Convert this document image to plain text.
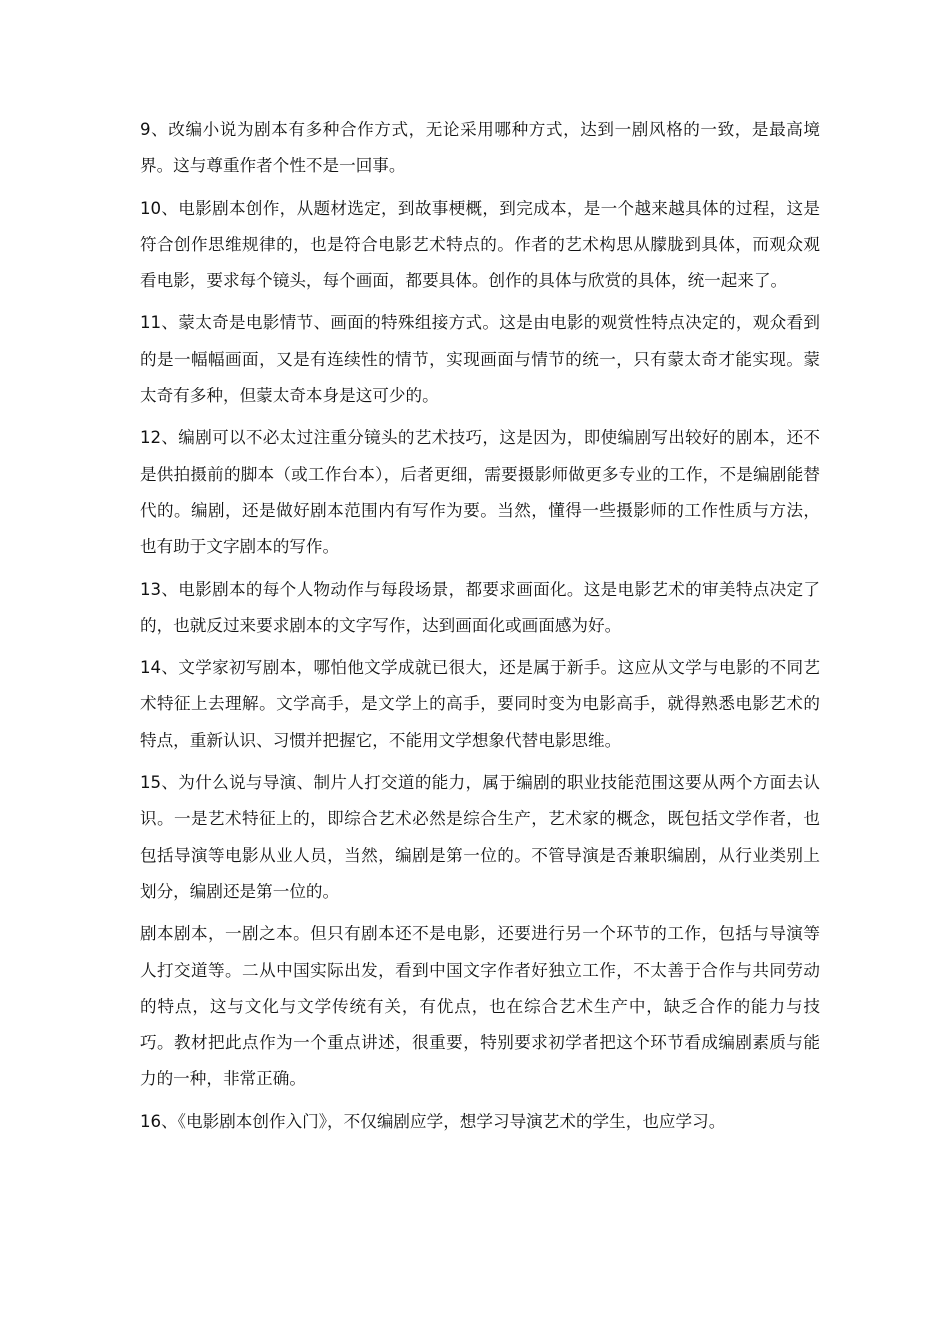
9、改编小说为剧本有多种合作方式，无论采用哪种方式，达到一剧风格的一致，是最高境界。这与尊重作者个性不是一回事。

10、电影剧本创作，从题材选定，到故事梗概，到完成本，是一个越来越具体的过程，这是符合创作思维规律的，也是符合电影艺术特点的。作者的艺术构思从朦胧到具体，而观众观看电影，要求每个镜头，每个画面，都要具体。创作的具体与欣赏的具体，统一起来了。

11、蒙太奇是电影情节、画面的特殊组接方式。这是由电影的观赏性特点决定的，观众看到的是一幅幅画面，又是有连续性的情节，实现画面与情节的统一，只有蒙太奇才能实现。蒙太奇有多种，但蒙太奇本身是这可少的。

12、编剧可以不必太过注重分镜头的艺术技巧，这是因为，即使编剧写出较好的剧本，还不是供拍摄前的脚本（或工作台本），后者更细，需要摄影师做更多专业的工作，不是编剧能替代的。编剧，还是做好剧本范围内有写作为要。当然，懂得一些摄影师的工作性质与方法，也有助于文字剧本的写作。

13、电影剧本的每个人物动作与每段场景，都要求画面化。这是电影艺术的审美特点决定了的，也就反过来要求剧本的文字写作，达到画面化或画面感为好。

14、文学家初写剧本，哪怕他文学成就已很大，还是属于新手。这应从文学与电影的不同艺术特征上去理解。文学高手，是文学上的高手，要同时变为电影高手，就得熟悉电影艺术的特点，重新认识、习惯并把握它，不能用文学想象代替电影思维。

15、为什么说与导演、制片人打交道的能力，属于编剧的职业技能范围这要从两个方面去认识。一是艺术特征上的，即综合艺术必然是综合生产，艺术家的概念，既包括文学作者，也包括导演等电影从业人员，当然，编剧是第一位的。不管导演是否兼职编剧，从行业类别上划分，编剧还是第一位的。

剧本剧本，一剧之本。但只有剧本还不是电影，还要进行另一个环节的工作，包括与导演等人打交道等。二从中国实际出发，看到中国文字作者好独立工作，不太善于合作与共同劳动的特点，这与文化与文学传统有关，有优点，也在综合艺术生产中，缺乏合作的能力与技巧。教材把此点作为一个重点讲述，很重要，特别要求初学者把这个环节看成编剧素质与能力的一种，非常正确。

16、《电影剧本创作入门》，不仅编剧应学，想学习导演艺术的学生，也应学习。
